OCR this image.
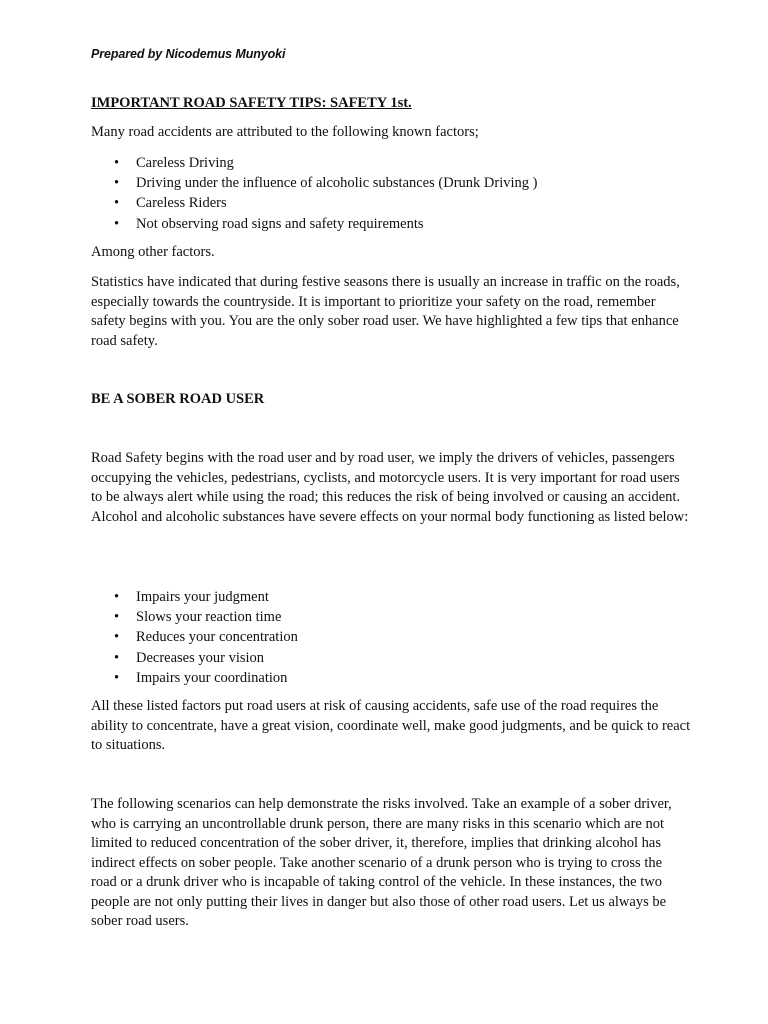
Prepared by Nicodemus Munyoki

IMPORTANT ROAD SAFETY TIPS: SAFETY 1st.

Many road accidents are attributed to the following known factors;

• Careless Driving
• Driving under the influence of alcoholic substances (Drunk Driving )
• Careless Riders
• Not observing road signs and safety requirements

Among other factors.

Statistics have indicated that during festive seasons there is usually an increase in traffic on the roads, especially towards the countryside. It is important to prioritize your safety on the road, remember safety begins with you. You are the only sober road user. We have highlighted a few tips that enhance road safety.

BE A SOBER ROAD USER

Road Safety begins with the road user and by road user, we imply the drivers of vehicles, passengers occupying the vehicles, pedestrians, cyclists, and motorcycle users. It is very important for road users to be always alert while using the road; this reduces the risk of being involved or causing an accident. Alcohol and alcoholic substances have severe effects on your normal body functioning as listed below:

• Impairs your judgment
• Slows your reaction time
• Reduces your concentration
• Decreases your vision
• Impairs your coordination

All these listed factors put road users at risk of causing accidents, safe use of the road requires the ability to concentrate, have a great vision, coordinate well, make good judgments, and be quick to react to situations.

The following scenarios can help demonstrate the risks involved. Take an example of a sober driver, who is carrying an uncontrollable drunk person, there are many risks in this scenario which are not limited to reduced concentration of the sober driver, it, therefore, implies that drinking alcohol has indirect effects on sober people. Take another scenario of a drunk person who is trying to cross the road or a drunk driver who is incapable of taking control of the vehicle. In these instances, the two people are not only putting their lives in danger but also those of other road users. Let us always be sober road users.
